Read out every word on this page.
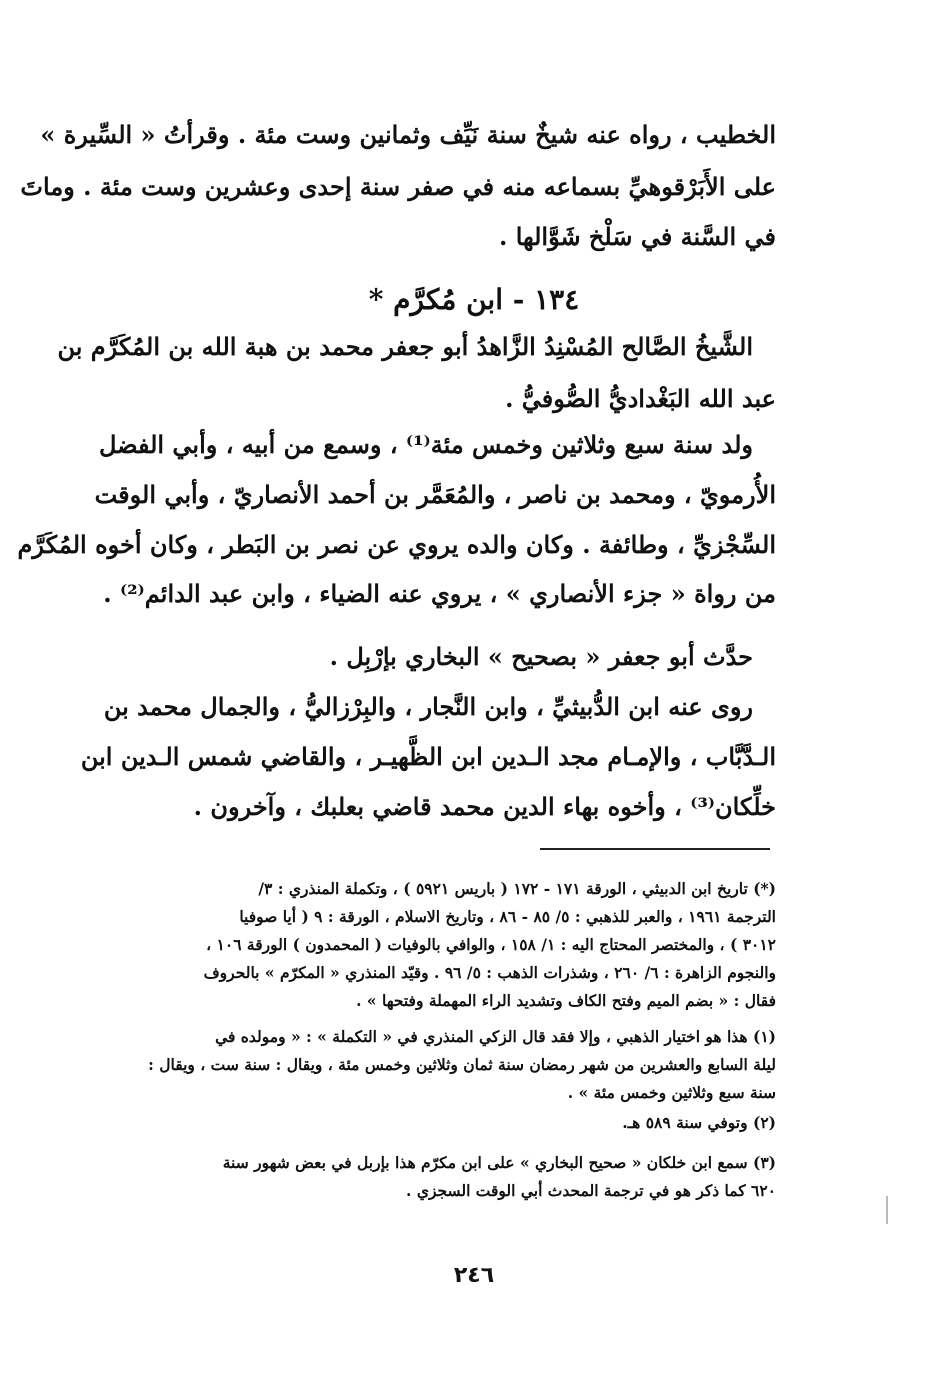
الخطيب ، رواه عنه شيخٌ سنة نَيِّف وثمانين وست مئة . وقرأتُ « السِّيرة »
على الأَبَرْقوهيِّ بسماعه منه في صفر سنة إحدى وعشرين وست مئة . وماتَ
في السَّنة في سَلْخ شَوَّالها .
١٣٤ - ابن مُكرَّم *
الشَّيخُ الصَّالح المُسْنِدُ الزَّاهدُ أبو جعفر محمد بن هبة الله بن المُكَرَّم بن
عبد الله البَغْداديُّ الصُّوفيُّ .
ولد سنة سبع وثلاثين وخمس مئة⁽¹⁾ ، وسمع من أبيه ، وأبي الفضل
الأُرمويّ ، ومحمد بن ناصر ، والمُعَمَّر بن أحمد الأنصاريّ ، وأبي الوقت
السِّجْزيِّ ، وطائفة . وكان والده يروي عن نصر بن البَطر ، وكان أخوه المُكَرَّم
من رواة « جزء الأنصاري » ، يروي عنه الضياء ، وابن عبد الدائم⁽²⁾ .
حدَّث أبو جعفر « بصحيح » البخاري بإرْبِل .
روى عنه ابن الدُّبيثيِّ ، وابن النَّجار ، والبِرْزاليُّ ، والجمال محمد بن
الـدَّبَّاب ، والإمـام مجد الـدين ابن الظَّهيـر ، والقاضي شمس الـدين ابن
خلِّكان⁽³⁾ ، وأخوه بهاء الدين محمد قاضي بعلبك ، وآخرون .
(*) تاريخ ابن الدبيثي ، الورقة ١٧١ - ١٧٢ ( باريس ٥٩٢١ ) ، وتكملة المنذري : ٣/
الترجمة ١٩٦١ ، والعبر للذهبي : ٥/ ٨٥ - ٨٦ ، وتاريخ الاسلام ، الورقة : ٩ ( أيا صوفيا
٣٠١٢ ) ، والمختصر المحتاج اليه : ١/ ١٥٨ ، والوافي بالوفيات ( المحمدون ) الورقة ١٠٦ ،
والنجوم الزاهرة : ٦/ ٢٦٠ ، وشذرات الذهب : ٥/ ٩٦ . وقيّد المنذري « المكرّم » بالحروف
فقال : « بضم الميم وفتح الكاف وتشديد الراء المهملة وفتحها » .
(١) هذا هو اختيار الذهبي ، وإلا فقد قال الزكي المنذري في « التكملة » : « ومولده في
ليلة السابع والعشرين من شهر رمضان سنة ثمان وثلاثين وخمس مئة ، ويقال : سنة ست ، ويقال :
سنة سبع وثلاثين وخمس مئة » .
(٢) وتوفي سنة ٥٨٩ هـ.
(٣) سمع ابن خلكان « صحيح البخاري » على ابن مكرّم هذا بإربل في بعض شهور سنة
٦٢٠ كما ذكر هو في ترجمة المحدث أبي الوقت السجزي .
٢٤٦
